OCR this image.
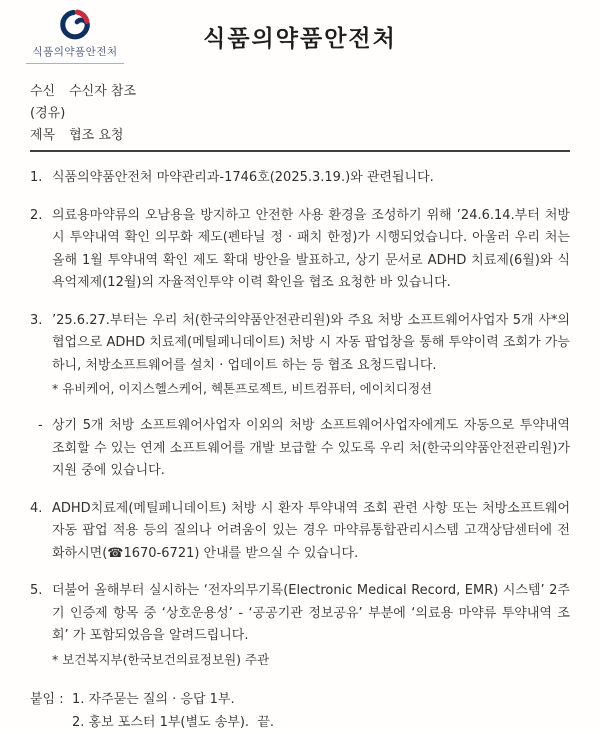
식품의약품안전처	식품의약품안전처
수신 수신자 참조
(경유)
제목 협조 요청
1. 식품의약품안전처 마약관리과-1746호(2025.3.19.)와 관련됩니다.
2. 의료용마약류의 오남용을 방지하고 안전한 사용 환경을 조성하기 위해 ’24.6.14.부터 처방 시 투약내역 확인 의무화 제도(펜타닐 정 · 패치 한정)가 시행되었습니다. 아울러 우리 처는 올해 1월 투약내역 확인 제도 확대 방안을 발표하고, 상기 문서로 ADHD 치료제(6월)와 식욕억제제(12월)의 자율적인투약 이력 확인을 협조 요청한 바 있습니다.
3. ’25.6.27.부터는 우리 처(한국의약품안전관리원)와 주요 처방 소프트웨어사업자 5개 사*의 협업으로 ADHD 치료제(메틸페니데이트) 처방 시 자동 팝업창을 통해 투약이력 조회가 가능하니, 처방소프트웨어를 설치 · 업데이트 하는 등 협조 요청드립니다.
* 유비케어, 이지스헬스케어, 헥톤프로젝트, 비트컴퓨터, 에이치디정션
- 상기 5개 처방 소프트웨어사업자 이외의 처방 소프트웨어사업자에게도 자동으로 투약내역 조회할 수 있는 연계 소프트웨어를 개발 보급할 수 있도록 우리 처(한국의약품안전관리원)가 지원 중에 있습니다.
4. ADHD치료제(메틸페니데이트) 처방 시 환자 투약내역 조회 관련 사항 또는 처방소프트웨어 자동 팝업 적용 등의 질의나 어려움이 있는 경우 마약류통합관리시스템 고객상담센터에 전화하시면(☎1670-6721) 안내를 받으실 수 있습니다.
5. 더불어 올해부터 실시하는 ‘전자의무기록(Electronic Medical Record, EMR) 시스템’ 2주기 인증제 항목 중 ‘상호운용성’ - ‘공공기관 정보공유’ 부분에 ‘의료용 마약류 투약내역 조회’ 가 포함되었음을 알려드립니다.
* 보건복지부(한국보건의료정보원) 주관
붙임 : 1. 자주묻는 질의 · 응답 1부.
2. 홍보 포스터 1부(별도 송부).  끝.
